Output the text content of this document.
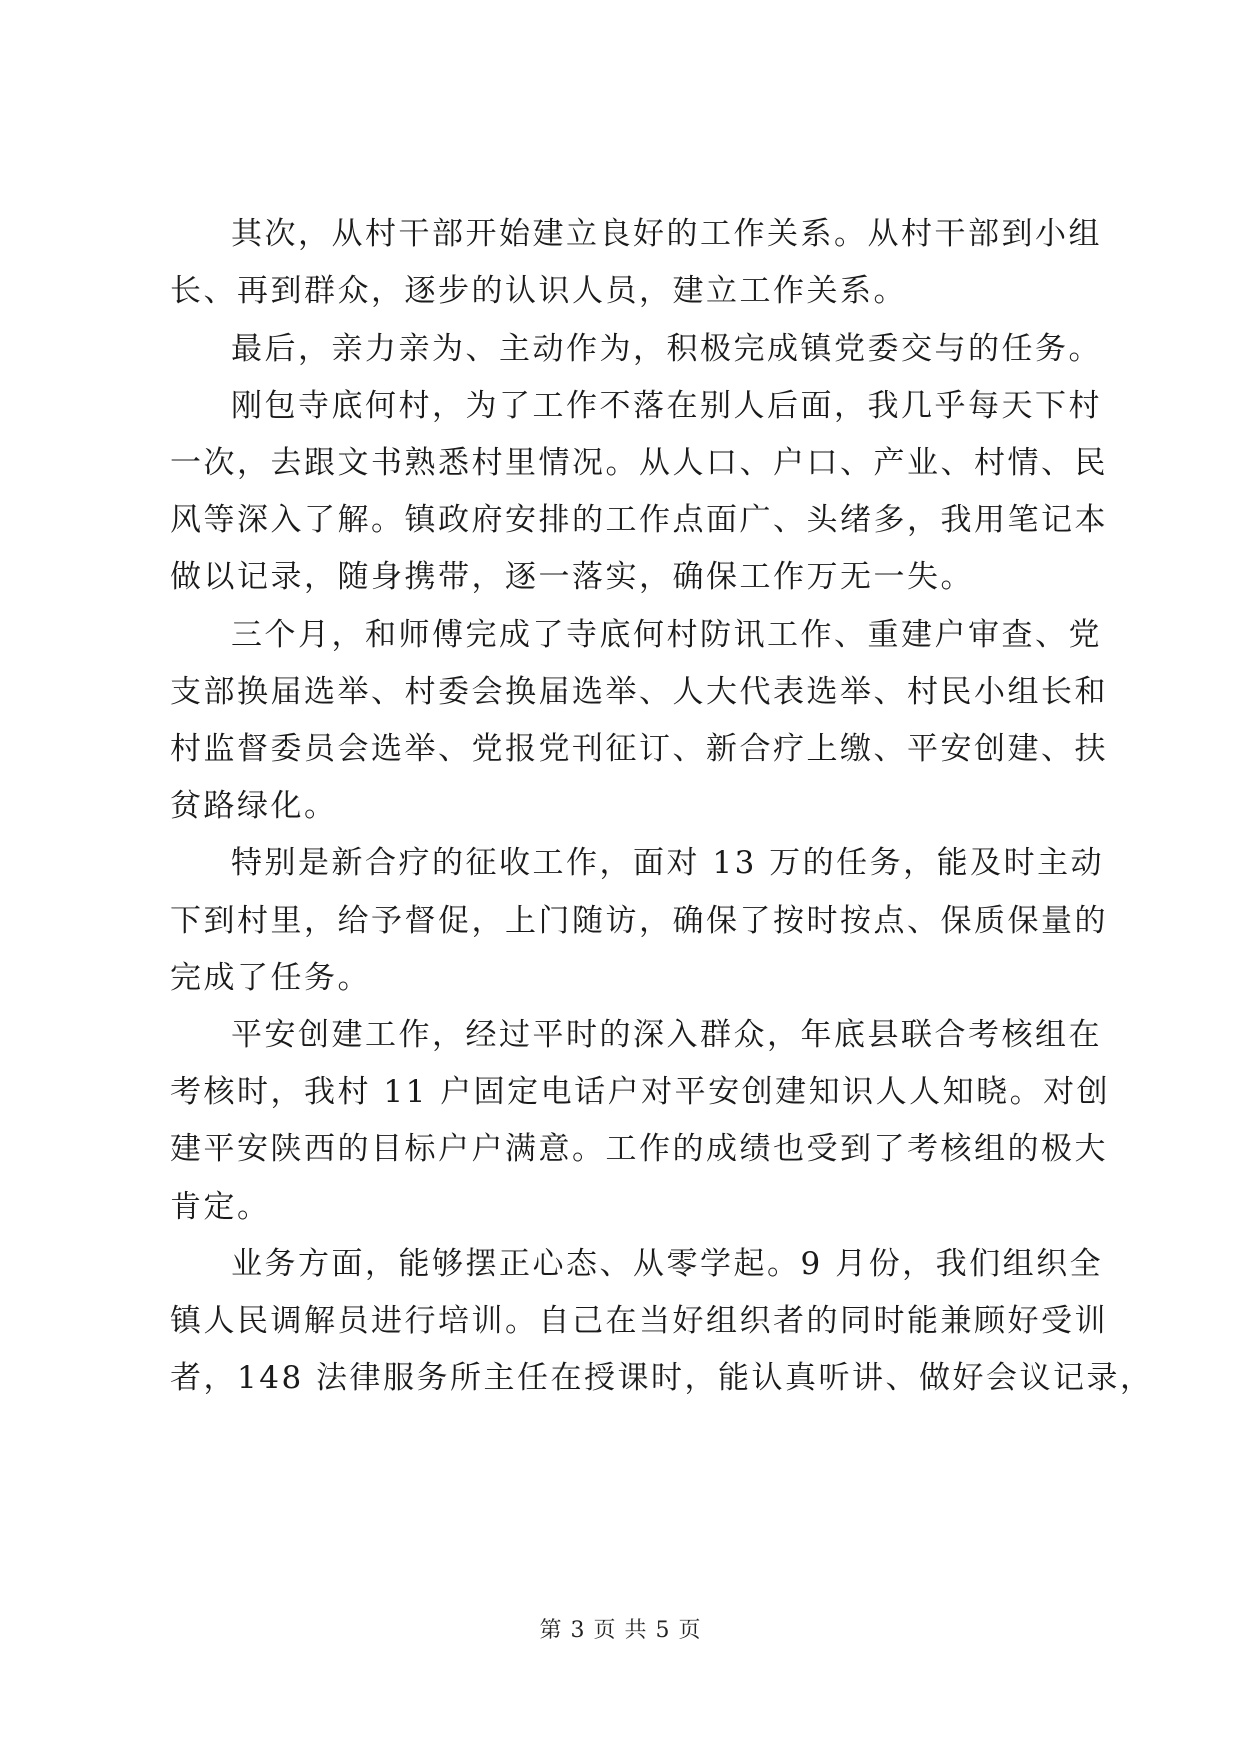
其次，从村干部开始建立良好的工作关系。从村干部到小组
长、再到群众，逐步的认识人员，建立工作关系。
最后，亲力亲为、主动作为，积极完成镇党委交与的任务。
刚包寺底何村，为了工作不落在别人后面，我几乎每天下村
一次，去跟文书熟悉村里情况。从人口、户口、产业、村情、民
风等深入了解。镇政府安排的工作点面广、头绪多，我用笔记本
做以记录，随身携带，逐一落实，确保工作万无一失。
三个月，和师傅完成了寺底何村防讯工作、重建户审查、党
支部换届选举、村委会换届选举、人大代表选举、村民小组长和
村监督委员会选举、党报党刊征订、新合疗上缴、平安创建、扶
贫路绿化。
特别是新合疗的征收工作，面对 13 万的任务，能及时主动
下到村里，给予督促，上门随访，确保了按时按点、保质保量的
完成了任务。
平安创建工作，经过平时的深入群众，年底县联合考核组在
考核时，我村 11 户固定电话户对平安创建知识人人知晓。对创
建平安陕西的目标户户满意。工作的成绩也受到了考核组的极大
肯定。
业务方面，能够摆正心态、从零学起。9 月份，我们组织全
镇人民调解员进行培训。自己在当好组织者的同时能兼顾好受训
者，148 法律服务所主任在授课时，能认真听讲、做好会议记录，
第 3 页 共 5 页
